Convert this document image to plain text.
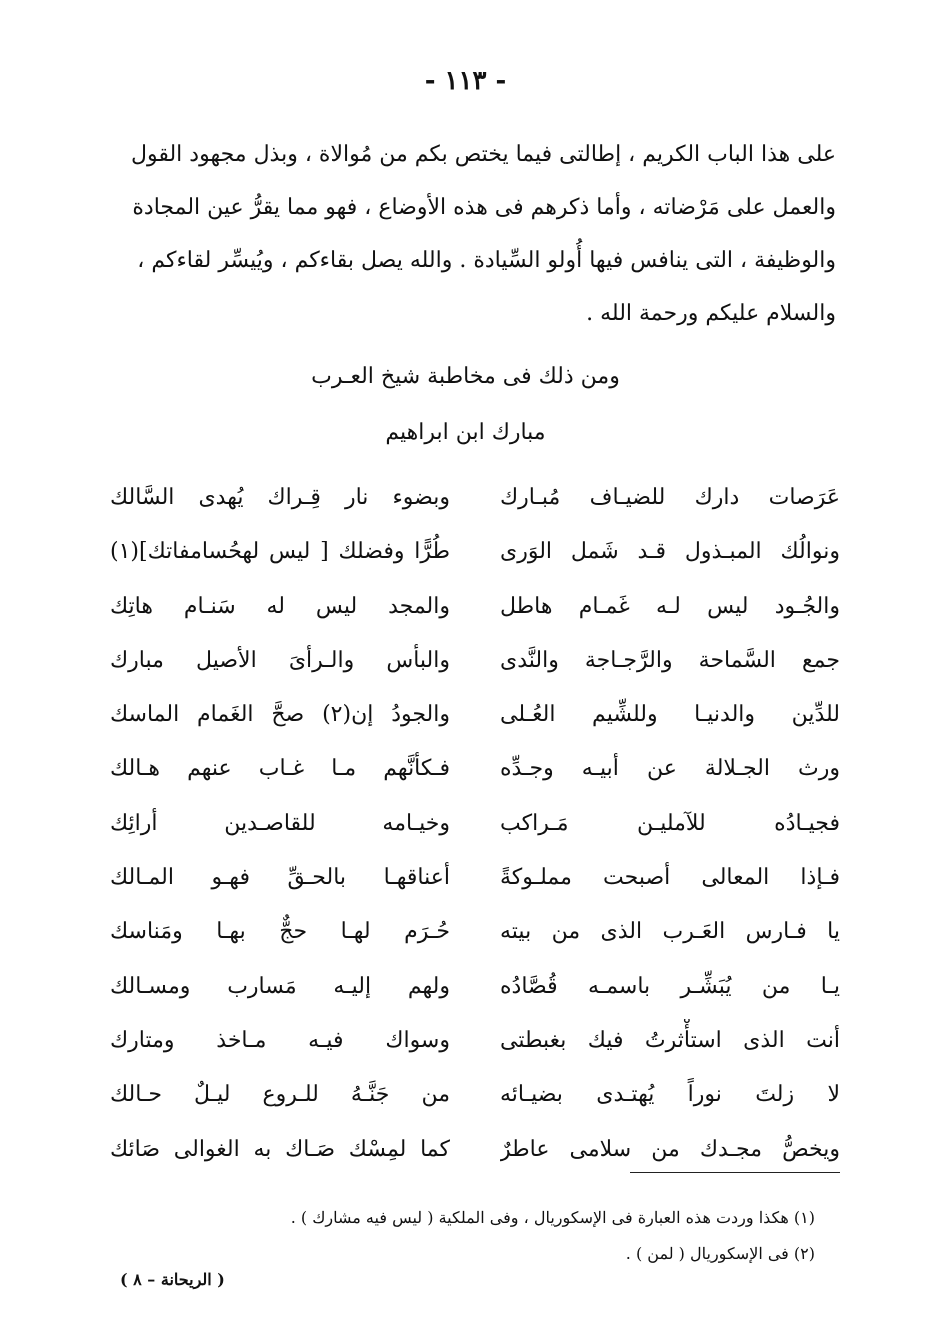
- ١١٣ -
على هذا الباب الكريم ، إطالتى فيما يختص بكم من مُوالاة ، وبذل مجهود القول
والعمل على مَرْضاته ، وأما ذكرهم فى هذه الأوضاع ، فهو مما يقرُّ عين المجادة
والوظيفة ، التى ينافس فيها أُولو السِّيادة . والله يصل بقاءكم ، ويُيسِّر لقاءكم ،
والسلام عليكم ورحمة الله .
ومن ذلك فى مخاطبة شيخ العـرب
مبارك ابن ابراهيم
عَرَصات دارك للضيـاف مُبـارك
وبضوء نار قِـراك يُهدى السَّالك
ونوالُك المبـذول قـد شَمل الوَرى
طُرًّا وفضلك [ ليس لهحُسامفاتك](١)
والجُـود ليس لـه غَمـام هاطل
والمجد ليس له سَنـام هاتِك
جمع السَّماحة والرَّجـاجة والنَّدى
والبأس والـرأىَ الأصيل مبارك
للدِّين والدنيـا وللشِّيم العُـلى
والجودُ إن(٢) صحَّ الغَمام الماسك
ورث الجـلالة عن أبيـه وجـدِّه
فـكأنَّهم مـا غـاب عنهم هـالك
فجيـادُه للآمليـن مَـراكب
وخيـامه للقاصـدين أرائِك
فـإذا المعالى أصبحت مملـوكةً
أعناقهـا بالحـقِّ فهـو المـالك
يا فـارس العَـرب الذى من بيته
حُـرَم لهـا حجٌّ بهـا ومَناسك
يـا من يُبَشِّـر باسمـه قُصَّادُه
ولهم إليـه مَسارب ومسـالك
أنت الذى استأْثرتُ فيك بغبطتى
وسواك فيـه مـاخذ ومتارك
لا زلتَ نوراً يُهتـدى بضيـائه
من جَنَّـهُ للـروع ليـلٌ حـالك
ويخصُّ مجـدك من سلامى عاطرٌ
كما لمِسْك صَـاك به الغوالى صَائك
(١) هكذا وردت هذه العبارة فى الإسكوريال ، وفى الملكية ( ليس فيه مشارك ) .
(٢) فى الإسكوريال ( لمن ) .
( الريحانة – ٨ )
